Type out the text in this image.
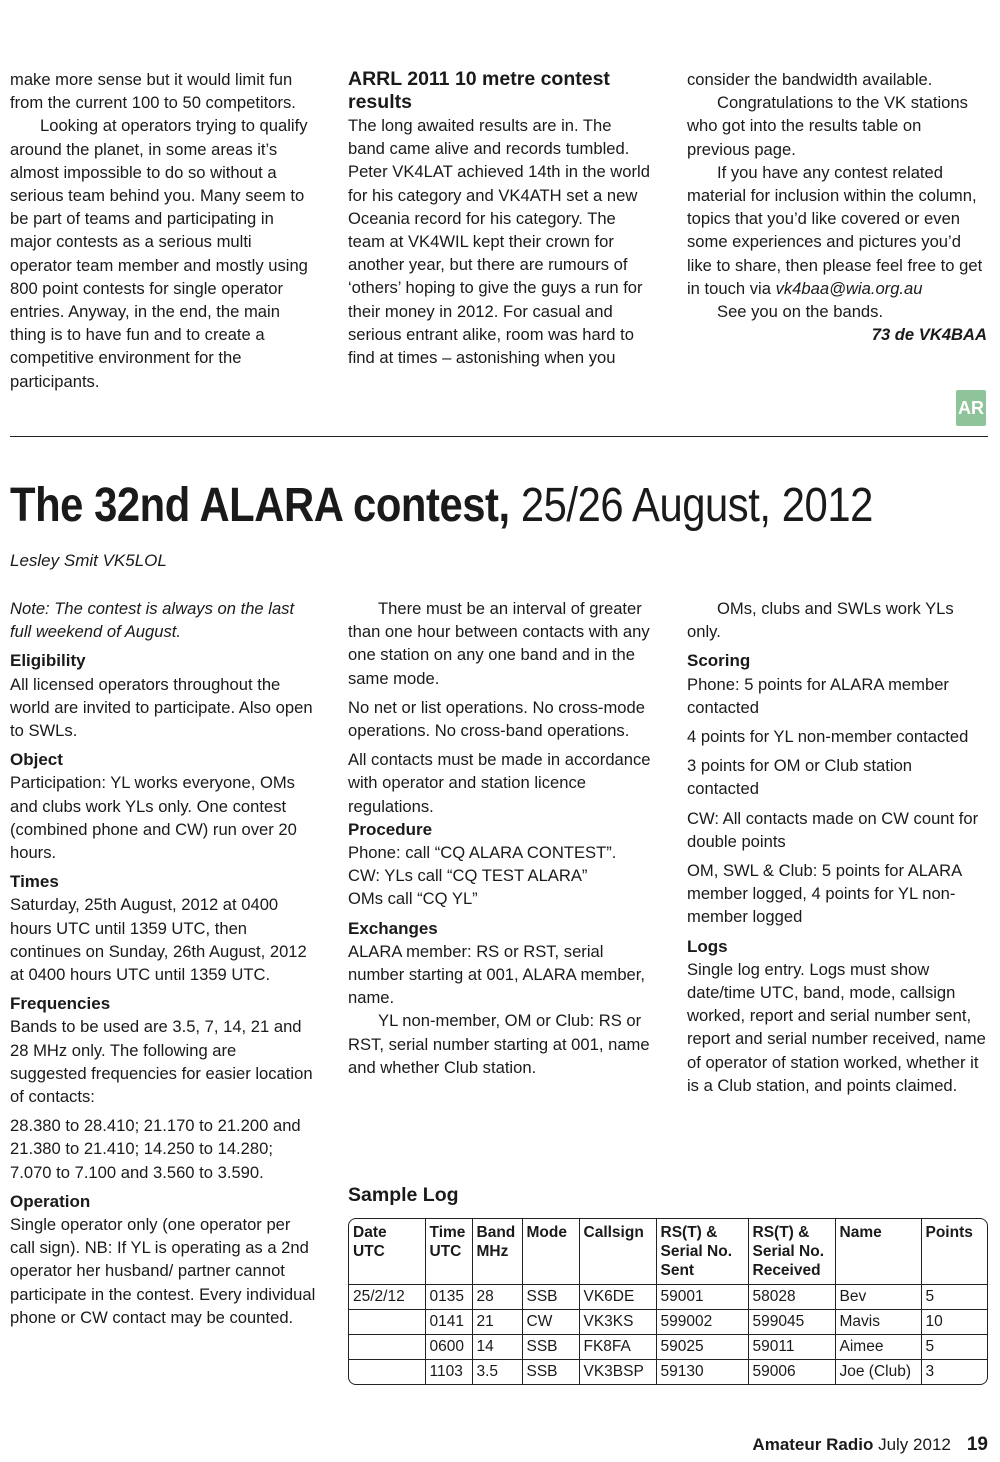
make more sense but it would limit fun from the current 100 to 50 competitors.

Looking at operators trying to qualify around the planet, in some areas it’s almost impossible to do so without a serious team behind you. Many seem to be part of teams and participating in major contests as a serious multi operator team member and mostly using 800 point contests for single operator entries. Anyway, in the end, the main thing is to have fun and to create a competitive environment for the participants.

ARRL 2011 10 metre contest results

The long awaited results are in. The band came alive and records tumbled. Peter VK4LAT achieved 14th in the world for his category and VK4ATH set a new Oceania record for his category. The team at VK4WIL kept their crown for another year, but there are rumours of ‘others’ hoping to give the guys a run for their money in 2012. For casual and serious entrant alike, room was hard to find at times – astonishing when you

consider the bandwidth available.

Congratulations to the VK stations who got into the results table on previous page.

If you have any contest related material for inclusion within the column, topics that you’d like covered or even some experiences and pictures you’d like to share, then please feel free to get in touch via vk4baa@wia.org.au

See you on the bands.

73 de VK4BAA

AR
The 32nd ALARA contest, 25/26 August, 2012
Lesley Smit VK5LOL

Note: The contest is always on the last full weekend of August.

Eligibility

All licensed operators throughout the world are invited to participate. Also open to SWLs.

Object

Participation: YL works everyone, OMs and clubs work YLs only. One contest (combined phone and CW) run over 20 hours.

Times

Saturday, 25th August, 2012 at 0400 hours UTC until 1359 UTC, then continues on Sunday, 26th August, 2012 at 0400 hours UTC until 1359 UTC.

Frequencies

Bands to be used are 3.5, 7, 14, 21 and 28 MHz only. The following are suggested frequencies for easier location of contacts:

28.380 to 28.410; 21.170 to 21.200 and 21.380 to 21.410; 14.250 to 14.280; 7.070 to 7.100 and 3.560 to 3.590.

Operation

Single operator only (one operator per call sign). NB: If YL is operating as a 2nd operator her husband/ partner cannot participate in the contest. Every individual phone or CW contact may be counted.

There must be an interval of greater than one hour between contacts with any one station on any one band and in the same mode.

No net or list operations. No cross-mode operations. No cross-band operations.

All contacts must be made in accordance with operator and station licence regulations.

Procedure

Phone: call “CQ ALARA CONTEST”.

CW: YLs call “CQ TEST ALARA”

OMs call “CQ YL”

Exchanges

ALARA member: RS or RST, serial number starting at 001, ALARA member, name.

YL non-member, OM or Club: RS or RST, serial number starting at 001, name and whether Club station.

OMs, clubs and SWLs work YLs only.

Scoring

Phone: 5 points for ALARA member contacted

4 points for YL non-member contacted

3 points for OM or Club station contacted

CW: All contacts made on CW count for double points

OM, SWL & Club: 5 points for ALARA member logged, 4 points for YL non-member logged

Logs

Single log entry. Logs must show date/time UTC, band, mode, callsign worked, report and serial number sent, report and serial number received, name of operator of station worked, whether it is a Club station, and points claimed.

Sample Log
Date UTC	Time UTC	Band MHz	Mode	Callsign	RS(T) & Serial No. Sent	RS(T) & Serial No. Received	Name	Points
25/2/12	0135	28	SSB	VK6DE	59001	58028	Bev	5
	0141	21	CW	VK3KS	599002	599045	Mavis	10
	0600	14	SSB	FK8FA	59025	59011	Aimee	5
	1103	3.5	SSB	VK3BSP	59130	59006	Joe (Club)	3
Amateur Radio July 2012 19
